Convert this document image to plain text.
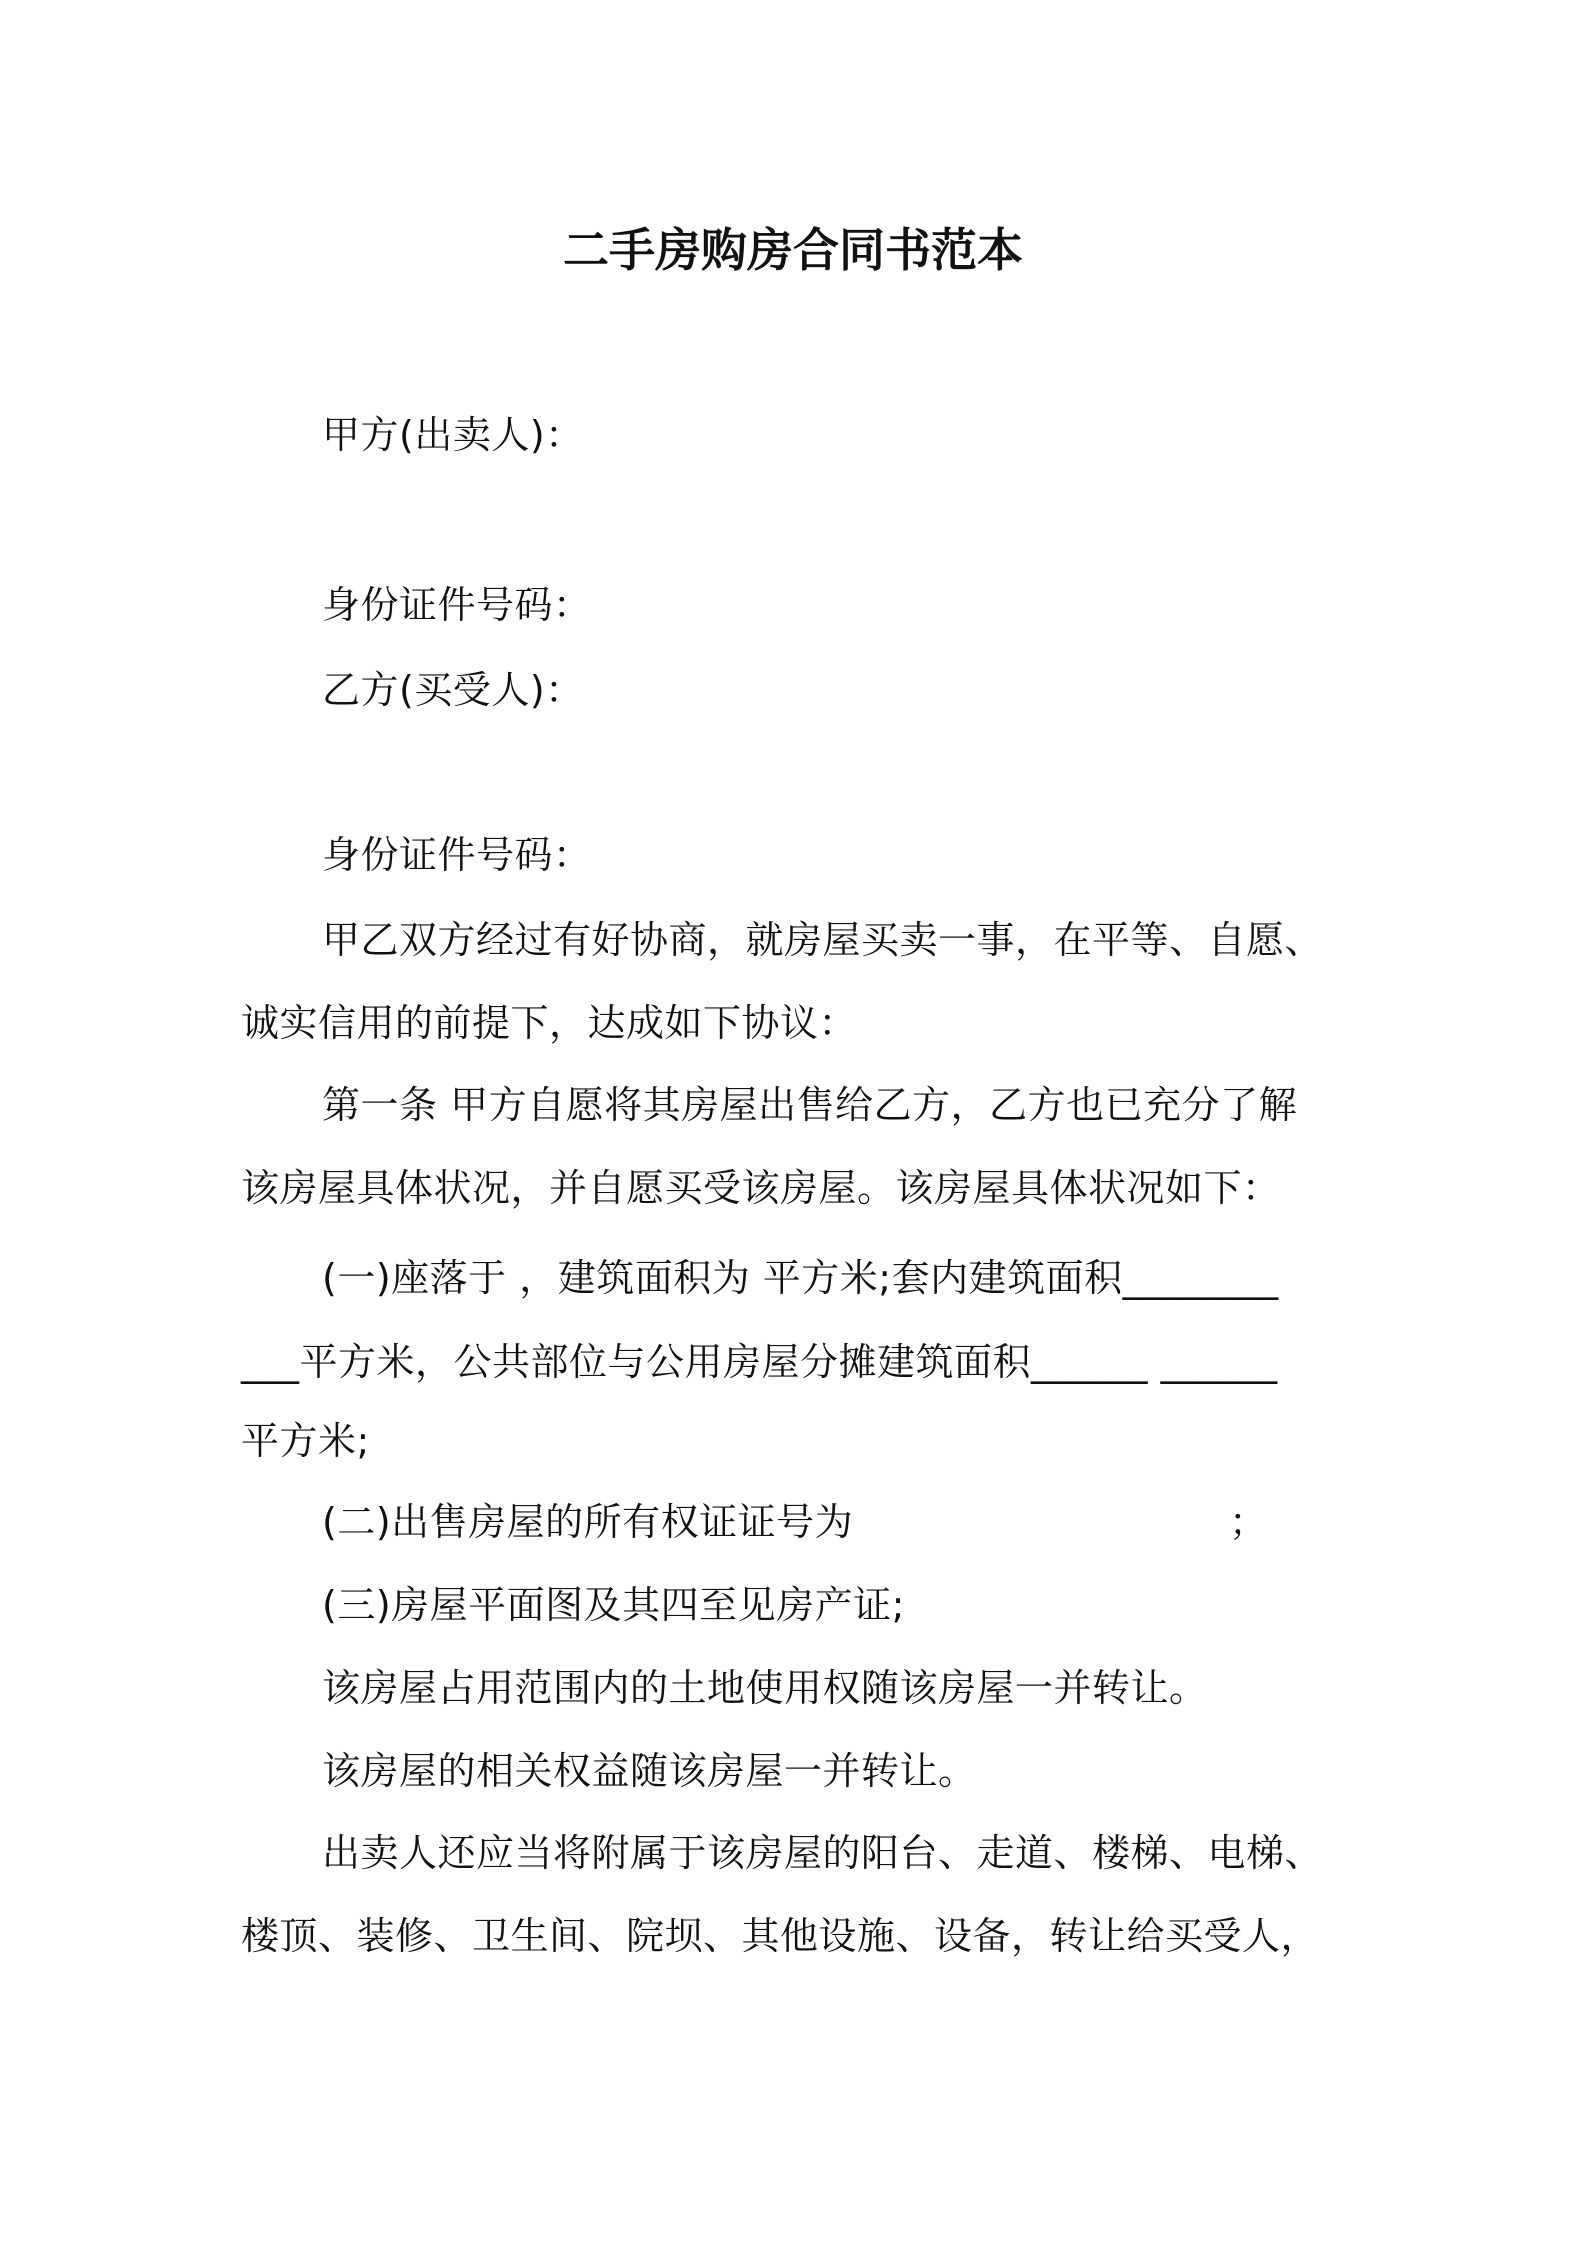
二手房购房合同书范本
甲方(出卖人)：
身份证件号码：
乙方(买受人)：
身份证件号码：
甲乙双方经过有好协商，就房屋买卖一事，在平等、自愿、
诚实信用的前提下，达成如下协议：
第一条 甲方自愿将其房屋出售给乙方，乙方也已充分了解
该房屋具体状况，并自愿买受该房屋。该房屋具体状况如下：
(一)座落于 ，建筑面积为 平方米;套内建筑面积________
___平方米，公共部位与公用房屋分摊建筑面积______ ______
平方米;
(二)出售房屋的所有权证证号为	；
(三)房屋平面图及其四至见房产证;
该房屋占用范围内的土地使用权随该房屋一并转让。
该房屋的相关权益随该房屋一并转让。
出卖人还应当将附属于该房屋的阳台、走道、楼梯、电梯、
楼顶、装修、卫生间、院坝、其他设施、设备，转让给买受人，
